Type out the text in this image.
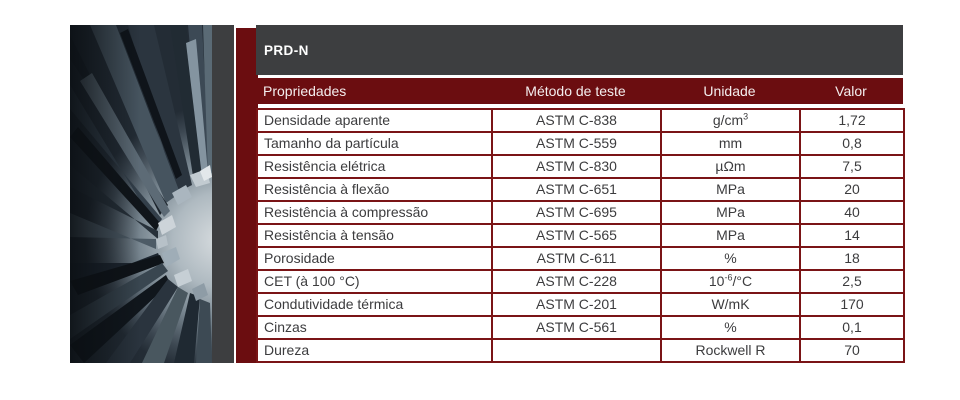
PRD-N
Propriedades	Método de teste	Unidade	Valor
Densidade aparente	ASTM C-838	$g/cm^3$	1,72
Tamanho da partícula	ASTM C-559	mm	0,8
Resistência elétrica	ASTM C-830	µΩm	7,5
Resistência à flexão	ASTM C-651	MPa	20
Resistência à compressão	ASTM C-695	MPa	40
Resistência à tensão	ASTM C-565	MPa	14
Porosidade	ASTM C-611	%	18
CET (à 100 °C)	ASTM C-228	$10^{-6}/^\circ C$	2,5
Condutividade térmica	ASTM C-201	W/mK	170
Cinzas	ASTM C-561	%	0,1
Dureza		Rockwell R	70
